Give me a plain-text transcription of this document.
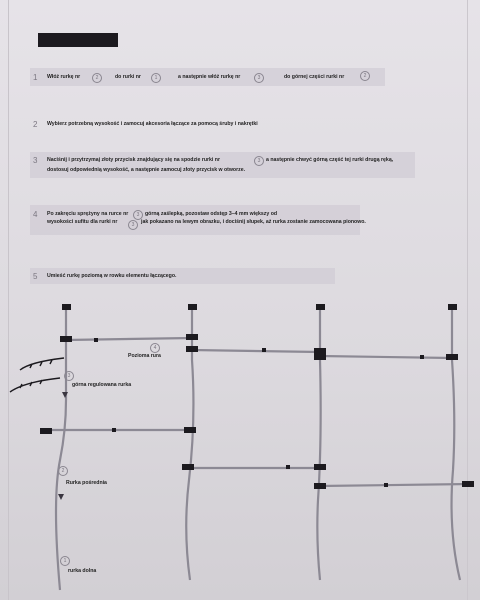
1 Włóż rurkę nr	2	do rurki nr	1	a następnie włóż rurkę nr	3	do górnej części rurki nr	2
2 Wybierz potrzebną wysokość i zamocuj akcesoria łączące za pomocą śruby i nakrętki
3 Naciśnij i przytrzymaj złoty przycisk znajdujący się na spodzie rurki nr	3	a następnie chwyć górną część tej rurki drugą ręką,
dostosuj odpowiednią wysokość, a następnie zamocuj złoty przycisk w otworze.
4 Po zakręciu sprężyny na rurce nr	3	górną zaślepką, pozostaw odstęp 3–4 mm większy od
wysokości sufitu dla rurki nr	3	jak pokazano na lewym obrazku, i dociśnij słupek, aż rurka zostanie zamocowana pionowo.
5 Umieść rurkę poziomą w rowku elementu łączącego.
4
Pozioma rura
3
górna regulowana rurka
2
Rurka pośrednia
1
rurka dolna
